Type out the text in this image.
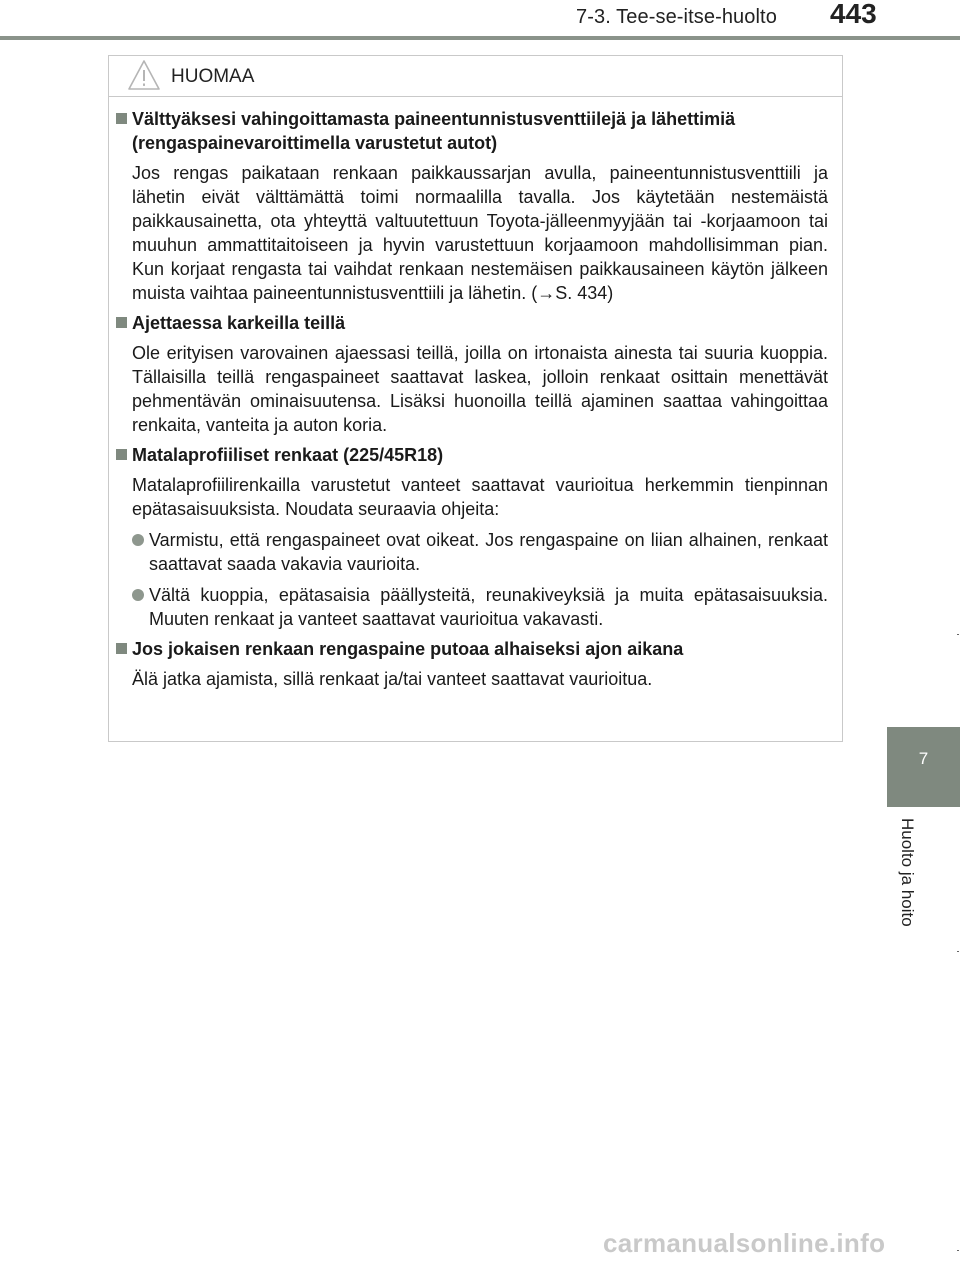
7-3. Tee-se-itse-huolto 443
7
Huolto ja hoito
HUOMAA
Välttyäksesi vahingoittamasta paineentunnistusventtiilejä ja lähettimiä (rengaspainevaroittimella varustetut autot)
Jos rengas paikataan renkaan paikkaussarjan avulla, paineentunnistusventtiili ja lähetin eivät välttämättä toimi normaalilla tavalla. Jos käytetään nestemäistä paikkausainetta, ota yhteyttä valtuutettuun Toyota-jälleenmyyjään tai -korjaamoon tai muuhun ammattitaitoiseen ja hyvin varustettuun korjaamoon mahdollisimman pian. Kun korjaat rengasta tai vaihdat renkaan nestemäisen paikkausaineen käytön jälkeen muista vaihtaa paineentunnistusventtiili ja lähetin. (→S. 434)
Ajettaessa karkeilla teillä
Ole erityisen varovainen ajaessasi teillä, joilla on irtonaista ainesta tai suuria kuoppia. Tällaisilla teillä rengaspaineet saattavat laskea, jolloin renkaat osittain menettävät pehmentävän ominaisuutensa. Lisäksi huonoilla teillä ajaminen saattaa vahingoittaa renkaita, vanteita ja auton koria.
Matalaprofiiliset renkaat (225/45R18)
Matalaprofiilirenkailla varustetut vanteet saattavat vaurioitua herkemmin tienpinnan epätasaisuuksista. Noudata seuraavia ohjeita:
Varmistu, että rengaspaineet ovat oikeat. Jos rengaspaine on liian alhainen, renkaat saattavat saada vakavia vaurioita.
Vältä kuoppia, epätasaisia päällysteitä, reunakiveyksiä ja muita epätasaisuuksia. Muuten renkaat ja vanteet saattavat vaurioitua vakavasti.
Jos jokaisen renkaan rengaspaine putoaa alhaiseksi ajon aikana
Älä jatka ajamista, sillä renkaat ja/tai vanteet saattavat vaurioitua.
carmanualsonline.info
